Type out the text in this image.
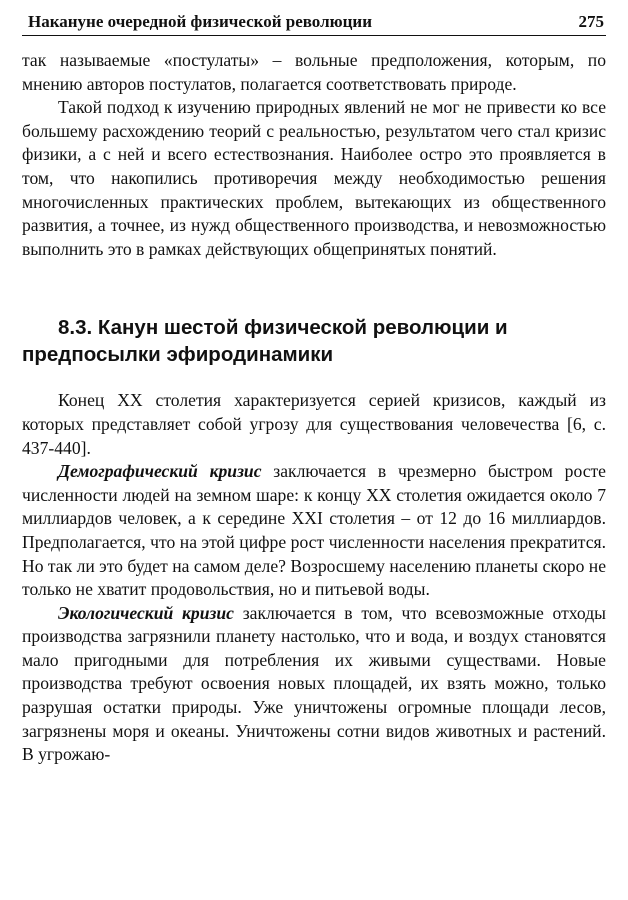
Накануне очередной физической революции	275

так называемые «постулаты» – вольные предположения, которым, по мнению авторов постулатов, полагается соответствовать природе.

Такой подход к изучению природных явлений не мог не привести ко все большему расхождению теорий с реальностью, результатом чего стал кризис физики, а с ней и всего естествознания. Наиболее остро это проявляется в том, что накопились противоречия между необходимостью решения многочисленных практических проблем, вытекающих из общественного развития, а точнее, из нужд общественного производства, и невозможностью выполнить это в рамках действующих общепринятых понятий.

8.3. Канун шестой физической революции и
предпосылки эфиродинамики

Конец ХХ столетия характеризуется серией кризисов, каждый из которых представляет собой угрозу для существования человечества [6, с. 437-440].

Демографический кризис заключается в чрезмерно быстром росте численности людей на земном шаре: к концу ХХ столетия ожидается около 7 миллиардов человек, а к середине ХХI столетия – от 12 до 16 миллиардов. Предполагается, что на этой цифре рост численности населения прекратится. Но так ли это будет на самом деле? Возросшему населению планеты скоро не только не хватит продовольствия, но и питьевой воды.

Экологический кризис заключается в том, что всевозможные отходы производства загрязнили планету настолько, что и вода, и воздух становятся мало пригодными для потребления их живыми существами. Новые производства требуют освоения новых площадей, их взять можно, только разрушая остатки природы. Уже уничтожены огромные площади лесов, загрязнены моря и океаны. Уничтожены сотни видов животных и растений. В угрожаю-
